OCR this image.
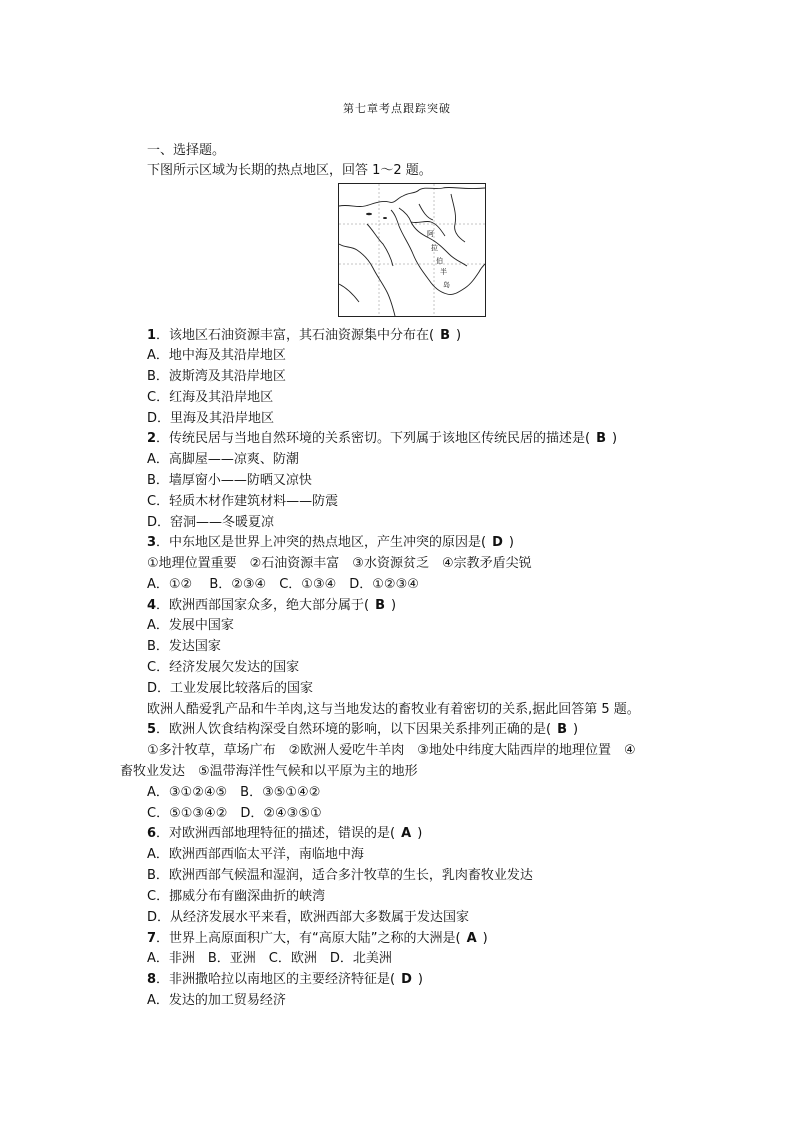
第七章考点跟踪突破
一、选择题。
下图所示区域为长期的热点地区，回答 1～2 题。
阿
拉
伯
半
岛
1．该地区石油资源丰富，其石油资源集中分布在( B )
A．地中海及其沿岸地区
B．波斯湾及其沿岸地区
C．红海及其沿岸地区
D．里海及其沿岸地区
2．传统民居与当地自然环境的关系密切。下列属于该地区传统民居的描述是( B )
A．高脚屋——凉爽、防潮
B．墙厚窗小——防晒又凉快
C．轻质木材作建筑材料——防震
D．窑洞——冬暖夏凉
3．中东地区是世界上冲突的热点地区，产生冲突的原因是( D )
①地理位置重要　②石油资源丰富　③水资源贫乏　④宗教矛盾尖锐
A．①②　 B．②③④　C．①③④　D．①②③④
4．欧洲西部国家众多，绝大部分属于( B )
A．发展中国家
B．发达国家
C．经济发展欠发达的国家
D．工业发展比较落后的国家
欧洲人酷爱乳产品和牛羊肉,这与当地发达的畜牧业有着密切的关系,据此回答第 5 题。
5．欧洲人饮食结构深受自然环境的影响，以下因果关系排列正确的是( B )
①多汁牧草，草场广布　②欧洲人爱吃牛羊肉　③地处中纬度大陆西岸的地理位置　④
畜牧业发达　⑤温带海洋性气候和以平原为主的地形
A．③①②④⑤　B．③⑤①④②
C．⑤①③④②　D．②④③⑤①
6．对欧洲西部地理特征的描述，错误的是( A )
A．欧洲西部西临太平洋，南临地中海
B．欧洲西部气候温和湿润，适合多汁牧草的生长，乳肉畜牧业发达
C．挪威分布有幽深曲折的峡湾
D．从经济发展水平来看，欧洲西部大多数属于发达国家
7．世界上高原面积广大，有“高原大陆”之称的大洲是( A )
A．非洲　B．亚洲　C．欧洲　D．北美洲
8．非洲撒哈拉以南地区的主要经济特征是( D )
A．发达的加工贸易经济
